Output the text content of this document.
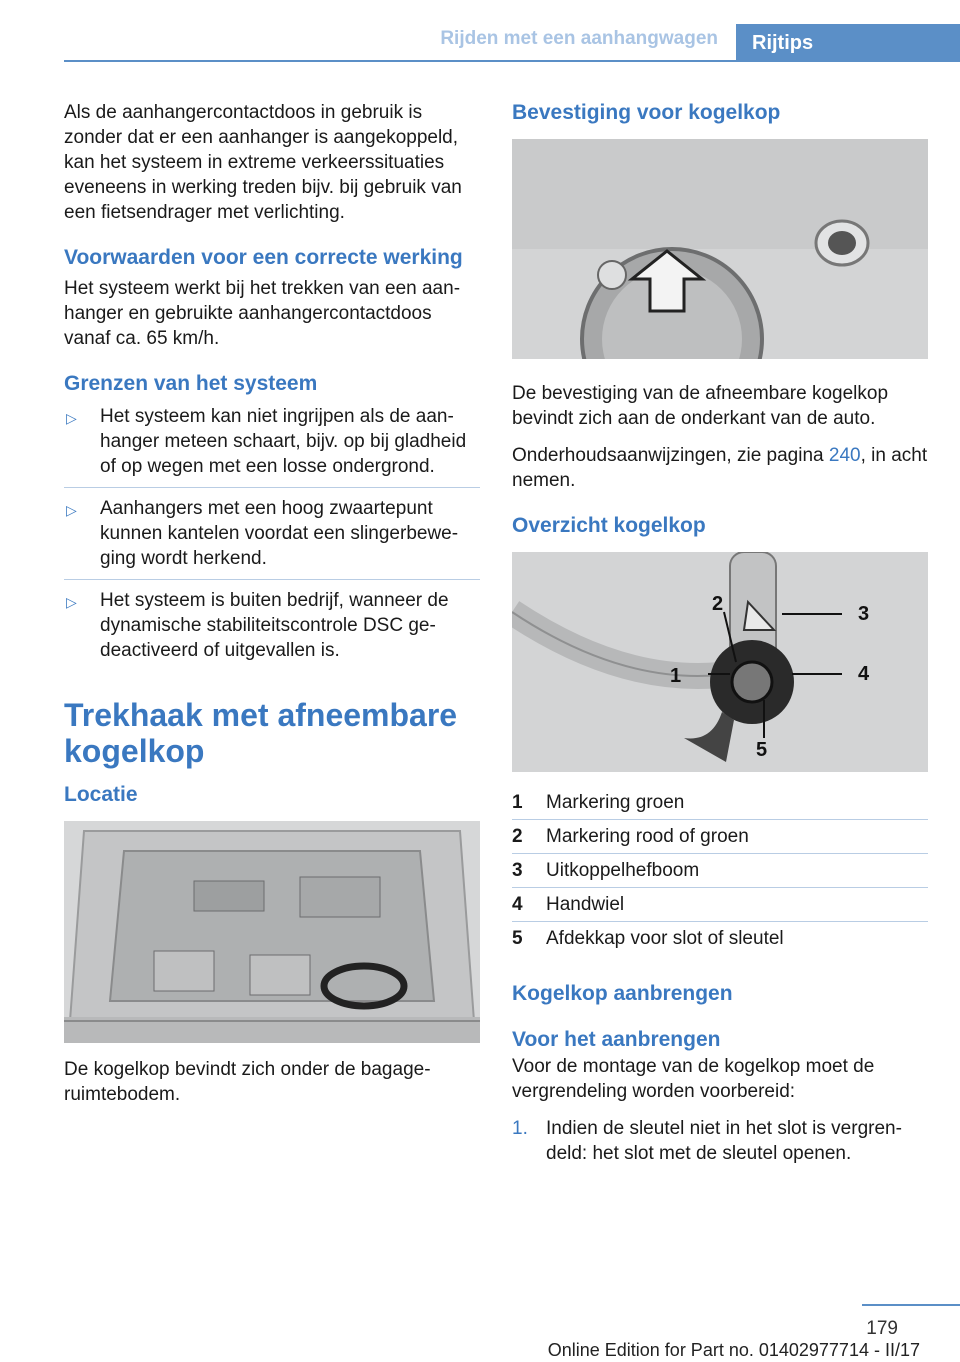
Rijden met een aanhangwagen	Rijtips

Als de aanhangercontactdoos in gebruik is zonder dat er een aanhanger is aangekoppeld, kan het systeem in extreme verkeerssituaties eveneens in werking treden bijv. bij gebruik van een fietsendrager met verlichting.

Voorwaarden voor een correcte werking

Het systeem werkt bij het trekken van een aanhanger en gebruikte aanhangercontactdoos vanaf ca. 65 km/h.

Grenzen van het systeem
▷	Het systeem kan niet ingrijpen als de aanhanger meteen schaart, bijv. op bij gladheid of op wegen met een losse ondergrond.
▷	Aanhangers met een hoog zwaartepunt kunnen kantelen voordat een slingerbeweging wordt herkend.
▷	Het systeem is buiten bedrijf, wanneer de dynamische stabiliteitscontrole DSC gedeactiveerd of uitgevallen is.
Trekhaak met afneembare kogelkop
Locatie

De kogelkop bevindt zich onder de bagageruimtebodem.

Bevestiging voor kogelkop

De bevestiging van de afneembare kogelkop bevindt zich aan de onderkant van de auto.

Onderhoudsaanwijzingen, zie pagina 240, in acht nemen.

Overzicht kogelkop
1
2	3
4
5
1	Markering groen
2	Markering rood of groen
3	Uitkoppelhefboom
4	Handwiel
5	Afdekkap voor slot of sleutel
Kogelkop aanbrengen
Voor het aanbrengen

Voor de montage van de kogelkop moet de vergrendeling worden voorbereid:

1. Indien de sleutel niet in het slot is vergrendeld: het slot met de sleutel openen.
179
Online Edition for Part no. 01402977714 - II/17
